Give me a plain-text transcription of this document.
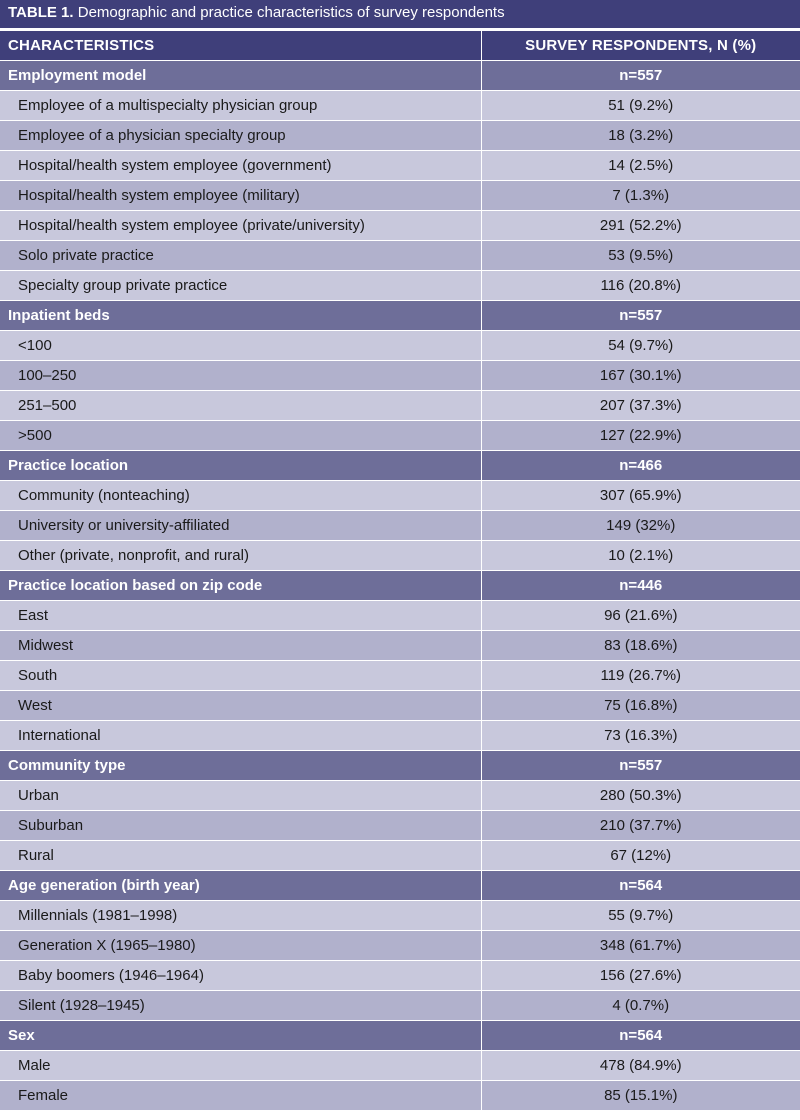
TABLE 1. Demographic and practice characteristics of survey respondents
CHARACTERISTICS	SURVEY RESPONDENTS, N (%)
Employment model	n=557
Employee of a multispecialty physician group	51 (9.2%)
Employee of a physician specialty group	18 (3.2%)
Hospital/health system employee (government)	14 (2.5%)
Hospital/health system employee (military)	7 (1.3%)
Hospital/health system employee (private/university)	291 (52.2%)
Solo private practice	53 (9.5%)
Specialty group private practice	116 (20.8%)
Inpatient beds	n=557
<100	54 (9.7%)
100–250	167 (30.1%)
251–500	207 (37.3%)
>500	127 (22.9%)
Practice location	n=466
Community (nonteaching)	307 (65.9%)
University or university-affiliated	149 (32%)
Other (private, nonprofit, and rural)	10 (2.1%)
Practice location based on zip code	n=446
East	96 (21.6%)
Midwest	83 (18.6%)
South	119 (26.7%)
West	75 (16.8%)
International	73 (16.3%)
Community type	n=557
Urban	280 (50.3%)
Suburban	210 (37.7%)
Rural	67 (12%)
Age generation (birth year)	n=564
Millennials (1981–1998)	55 (9.7%)
Generation X (1965–1980)	348 (61.7%)
Baby boomers (1946–1964)	156 (27.6%)
Silent (1928–1945)	4 (0.7%)
Sex	n=564
Male	478 (84.9%)
Female	85 (15.1%)
